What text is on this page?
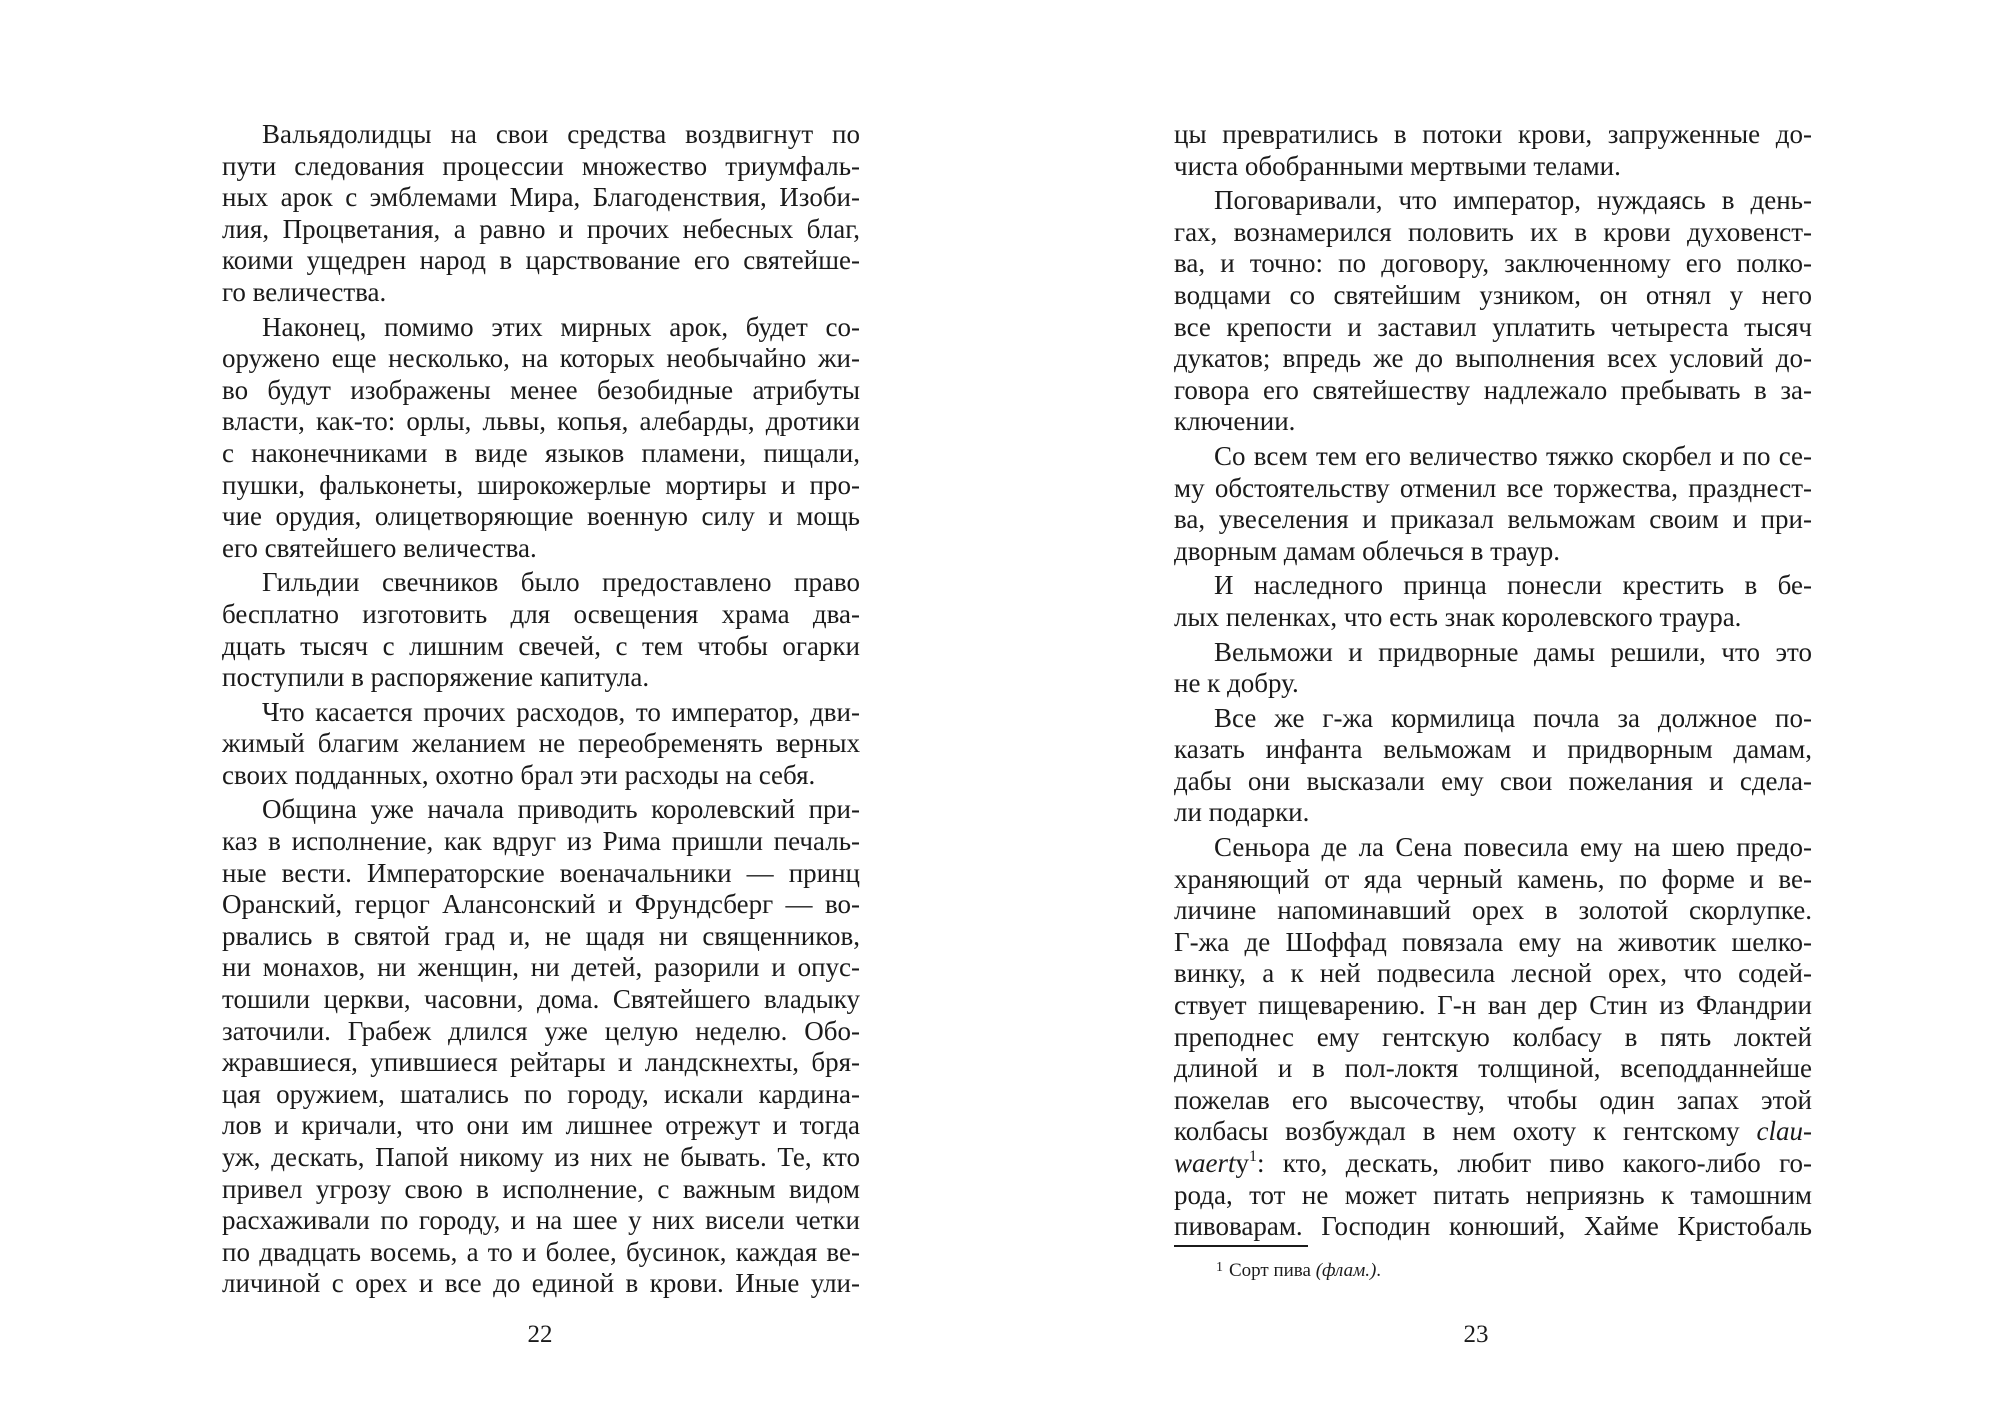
Вальядолидцы на свои средства воздвигнут по
пути следования процессии множество триумфаль-
ных арок с эмблемами Мира, Благоденствия, Изоби-
лия, Процветания, а равно и прочих небесных благ,
коими ущедрен народ в царствование его святейше-
го величества.
Наконец, помимо этих мирных арок, будет со-
оружено еще несколько, на которых необычайно жи-
во будут изображены менее безобидные атрибуты
власти, как-то: орлы, львы, копья, алебарды, дротики
с наконечниками в виде языков пламени, пищали,
пушки, фальконеты, широкожерлые мортиры и про-
чие орудия, олицетворяющие военную силу и мощь
его святейшего величества.
Гильдии свечников было предоставлено право
бесплатно изготовить для освещения храма два-
дцать тысяч с лишним свечей, с тем чтобы огарки
поступили в распоряжение капитула.
Что касается прочих расходов, то император, дви-
жимый благим желанием не переобременять верных
своих подданных, охотно брал эти расходы на себя.
Община уже начала приводить королевский при-
каз в исполнение, как вдруг из Рима пришли печаль-
ные вести. Императорские военачальники — принц
Оранский, герцог Алансонский и Фрундсберг — во-
рвались в святой град и, не щадя ни священников,
ни монахов, ни женщин, ни детей, разорили и опус-
тошили церкви, часовни, дома. Святейшего владыку
заточили. Грабеж длился уже целую неделю. Обо-
жравшиеся, упившиеся рейтары и ландскнехты, бря-
цая оружием, шатались по городу, искали кардина-
лов и кричали, что они им лишнее отрежут и тогда
уж, дескать, Папой никому из них не бывать. Те, кто
привел угрозу свою в исполнение, с важным видом
расхаживали по городу, и на шее у них висели четки
по двадцать восемь, а то и более, бусинок, каждая ве-
личиной с орех и все до единой в крови. Иные ули-
22
цы превратились в потоки крови, запруженные до-
чиста обобранными мертвыми телами.
Поговаривали, что император, нуждаясь в день-
гах, вознамерился половить их в крови духовенст-
ва, и точно: по договору, заключенному его полко-
водцами со святейшим узником, он отнял у него
все крепости и заставил уплатить четыреста тысяч
дукатов; впредь же до выполнения всех условий до-
говора его святейшеству надлежало пребывать в за-
ключении.
Со всем тем его величество тяжко скорбел и по се-
му обстоятельству отменил все торжества, празднест-
ва, увеселения и приказал вельможам своим и при-
дворным дамам облечься в траур.
И наследного принца понесли крестить в бе-
лых пеленках, что есть знак королевского траура.
Вельможи и придворные дамы решили, что это
не к добру.
Все же г-жа кормилица почла за должное по-
казать инфанта вельможам и придворным дамам,
дабы они высказали ему свои пожелания и сдела-
ли подарки.
Сеньора де ла Сена повесила ему на шею предо-
храняющий от яда черный камень, по форме и ве-
личине напоминавший орех в золотой скорлупке.
Г-жа де Шоффад повязала ему на животик шелко-
винку, а к ней подвесила лесной орех, что содей-
ствует пищеварению. Г-н ван дер Стин из Фландрии
преподнес ему гентскую колбасу в пять локтей
длиной и в пол-локтя толщиной, всеподданнейше
пожелав его высочеству, чтобы один запах этой
колбасы возбуждал в нем охоту к гентскому clau-
waertу$^1$: кто, дескать, любит пиво какого-либо го-
рода, тот не может питать неприязнь к тамошним
пивоварам. Господин конюший, Хайме Кристобаль
$^1$ Сорт пива (флам.).
23
